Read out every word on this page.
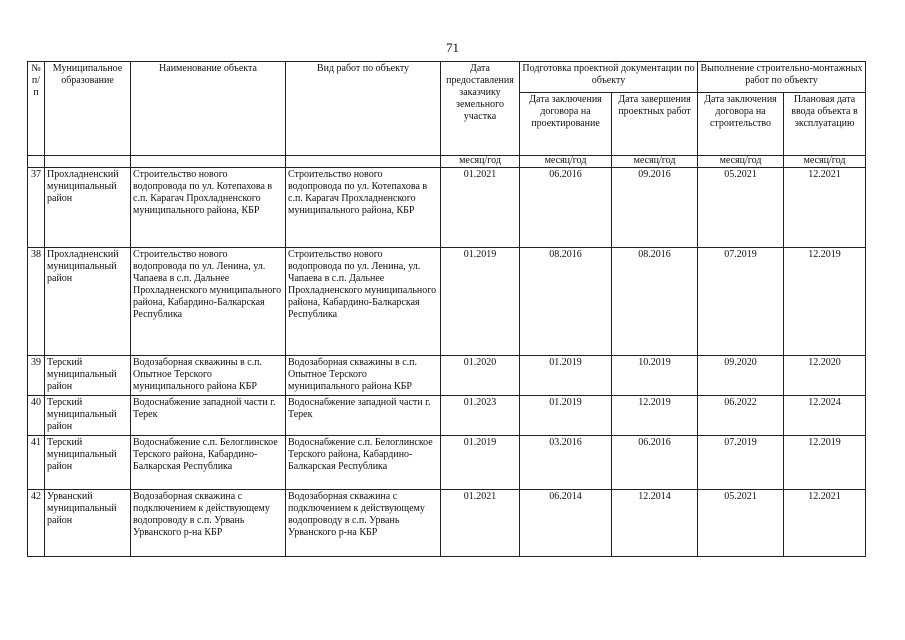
71
№ п/п	Муниципальное образование	Наименование объекта	Вид работ по объекту	Дата предоставления заказчику земельного участка	Подготовка проектной документации по объекту		Выполнение строительно-монтажных работ по объекту	
					Дата заключения договора на проектирование	Дата завершения проектных работ	Дата заключения договора на строительство	Плановая дата ввода объекта в эксплуатацию
				месяц/год	месяц/год	месяц/год	месяц/год	месяц/год
37	Прохладненский муниципальный район	Строительство нового водопровода по ул. Котепахова в с.п. Карагач Прохладненского муниципального района, КБР	Строительство нового водопровода по ул. Котепахова в с.п. Карагач Прохладненского муниципального района, КБР	01.2021	06.2016	09.2016	05.2021	12.2021
38	Прохладненский муниципальный район	Строительство нового водопровода по ул. Ленина, ул. Чапаева в с.п. Дальнее Прохладненского муниципального района, Кабардино-Балкарская Республика	Строительство нового водопровода по ул. Ленина, ул. Чапаева в с.п. Дальнее Прохладненского муниципального района, Кабардино-Балкарская Республика	01.2019	08.2016	08.2016	07.2019	12.2019
39	Терский муниципальный район	Водозаборная скважины в с.п. Опытное Терского муниципального района КБР	Водозаборная скважины в с.п. Опытное Терского муниципального района КБР	01.2020	01.2019	10.2019	09.2020	12.2020
40	Терский муниципальный район	Водоснабжение западной части г. Терек	Водоснабжение западной части г. Терек	01.2023	01.2019	12.2019	06.2022	12.2024
41	Терский муниципальный район	Водоснабжение с.п. Белоглинское Терского района, Кабардино-Балкарская Республика	Водоснабжение с.п. Белоглинское Терского района, Кабардино-Балкарская Республика	01.2019	03.2016	06.2016	07.2019	12.2019
42	Урванский муниципальный район	Водозаборная скважина с подключением к действующему водопроводу в с.п. Урвань Урванского р-на КБР	Водозаборная скважина с подключением к действующему водопроводу в с.п. Урвань Урванского р-на КБР	01.2021	06.2014	12.2014	05.2021	12.2021
